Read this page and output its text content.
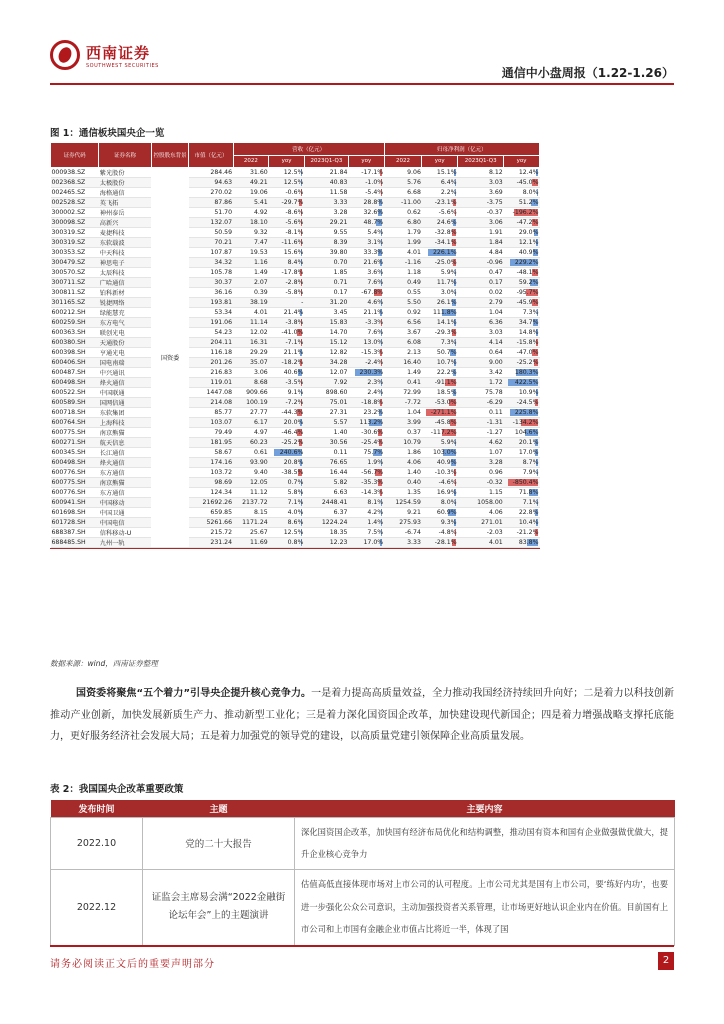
西南证券
SOUTHWEST SECURITIES
通信中小盘周报（1.22-1.26）
图 1：通信板块国央企一览
证券代码	证券名称	控股股东背景	市值（亿元）	营收（亿元）				归母净利润（亿元）			
				2022	yoy	2023Q1-Q3	yoy	2022	yoy	2023Q1-Q3	yoy
000938.SZ	紫光股份	国资委	284.46	31.60	12.5%	21.84	-17.1%	9.06	15.1%	8.12	12.4%
002368.SZ	太极股份		94.63	49.21	12.5%	40.83	-1.0%	5.76	6.4%	3.03	-45.0%
002465.SZ	海格通信		270.02	19.06	-0.6%	11.58	-5.4%	6.68	2.2%	3.69	8.0%
002528.SZ	英飞拓		87.86	5.41	-29.7%	3.33	28.8%	-11.00	-23.1%	-3.75	51.2%
300002.SZ	神州泰岳		51.70	4.92	-8.6%	3.28	32.6%	0.62	-5.6%	-0.37	-196.2%
300098.SZ	高新兴		132.07	18.10	-5.6%	29.21	48.7%	6.80	24.6%	3.06	-47.2%
300319.SZ	麦捷科技		50.59	9.32	-8.1%	9.55	5.4%	1.79	-32.8%	1.91	29.0%
300319.SZ	东软载波		70.21	7.47	-11.6%	8.39	3.1%	1.99	-34.1%	1.84	12.1%
300353.SZ	中天科技		107.87	19.53	15.6%	39.80	33.3%	4.01	226.1%	4.84	40.9%
300479.SZ	神思电子		34.32	1.16	8.4%	0.70	21.6%	-1.16	-25.0%	-0.96	229.2%
300570.SZ	太辰科技		105.78	1.49	-17.8%	1.85	3.6%	1.18	5.9%	0.47	-48.1%
300711.SZ	广哈通信		30.37	2.07	-2.8%	0.71	7.6%	0.49	11.7%	0.17	59.2%
300811.SZ	铂科新材		36.16	0.39	-5.8%	0.17	-67.8%	0.55	3.0%	0.02	-95.7%
301165.SZ	锐捷网络		193.81	38.19	-	31.20	4.6%	5.50	26.1%	2.79	-45.9%
600212.SH	绿能慧充		53.34	4.01	21.4%	3.45	21.1%	0.92	111.8%	1.04	7.3%
600259.SH	东方电气		191.06	11.14	-3.8%	15.83	-3.3%	6.56	14.1%	6.36	34.7%
600363.SH	联创光电		54.23	12.02	-41.0%	14.70	7.6%	3.67	-29.3%	3.03	14.8%
600380.SH	天通股份		204.11	16.31	-7.1%	15.12	13.0%	6.08	7.3%	4.14	-15.8%
600398.SH	亨通光电		116.18	29.29	21.1%	12.82	-15.3%	2.13	50.7%	0.64	-47.0%
600406.SH	国电南瑞		201.26	35.07	-18.2%	34.28	-2.4%	16.40	10.7%	9.00	-25.2%
600487.SH	中兴通讯		216.83	3.06	40.6%	12.07	230.3%	1.49	22.2%	3.42	180.3%
600498.SH	烽火通信		119.01	8.68	-3.5%	7.92	2.3%	0.41	-91.1%	1.72	422.5%
600522.SH	中国联通		1447.08	909.66	9.1%	898.60	2.4%	72.99	18.5%	75.78	10.9%
600589.SH	国网信通		214.08	100.19	-7.2%	75.01	-18.8%	-7.72	-53.0%	-6.29	-24.5%
600718.SH	东软集团		85.77	27.77	-44.3%	27.31	23.2%	1.04	-271.1%	0.11	225.8%
600764.SH	上海科技		103.07	6.17	20.0%	5.57	113.2%	3.99	-45.8%	-1.31	-134.2%
600775.SH	南京熊猫		79.49	4.97	-46.4%	1.40	-30.6%	0.37	-117.2%	-1.27	104.6%
600271.SH	航天信息		181.95	60.23	-25.2%	30.56	-25.4%	10.79	5.9%	4.62	20.1%
600345.SH	长江通信		58.67	0.61	240.6%	0.11	75.7%	1.86	103.0%	1.07	17.0%
600498.SH	烽火通信		174.16	93.90	20.8%	76.65	1.9%	4.06	40.9%	3.28	8.7%
600776.SH	东方通信		103.72	9.40	-38.5%	16.44	-56.7%	1.40	-10.3%	0.96	7.9%
600775.SH	南京熊猫		98.69	12.05	0.7%	5.82	-35.3%	0.40	-4.6%	-0.32	-850.4%
600776.SH	东方通信		124.34	11.12	5.8%	6.63	-14.3%	1.35	16.9%	1.15	71.8%
600941.SH	中国移动		21692.26	2137.72	7.1%	2448.41	8.1%	1254.59	8.0%	1058.00	7.1%
601698.SH	中国卫通		659.85	8.15	4.0%	6.37	4.2%	9.21	60.9%	4.06	22.8%
601728.SH	中国电信		5261.66	1171.24	8.6%	1224.24	1.4%	275.93	9.3%	271.01	10.4%
688387.SH	信科移动-U		215.72	25.67	12.5%	18.35	7.5%	-6.74	-4.8%	-2.03	-21.2%
688485.SH	九州一轨		231.24	11.69	0.8%	12.23	17.0%	3.33	-28.1%	4.01	83.8%
数据来源：wind，西南证券整理
国资委将聚焦“五个着力”引导央企提升核心竞争力。一是着力提高高质量效益，全力推动我国经济持续回升向好；二是着力以科技创新推动产业创新，加快发展新质生产力、推动新型工业化；三是着力深化国资国企改革，加快建设现代新国企；四是着力增强战略支撑托底能力，更好服务经济社会发展大局；五是着力加强党的领导党的建设，以高质量党建引领保障企业高质量发展。
表 2：我国国央企改革重要政策
发布时间	主题	主要内容
2022.10	党的二十大报告	深化国资国企改革，加快国有经济布局优化和结构调整，推动国有资本和国有企业做强做优做大，提升企业核心竞争力
2022.12	证监会主席易会满“2022金融街论坛年会”上的主题演讲	估值高低直接体现市场对上市公司的认可程度。上市公司尤其是国有上市公司，要‘练好内功’，也要进一步强化公众公司意识，主动加强投资者关系管理，让市场更好地认识企业内在价值。目前国有上市公司和上市国有金融企业市值占比将近一半，体现了国
请务必阅读正文后的重要声明部分	2
